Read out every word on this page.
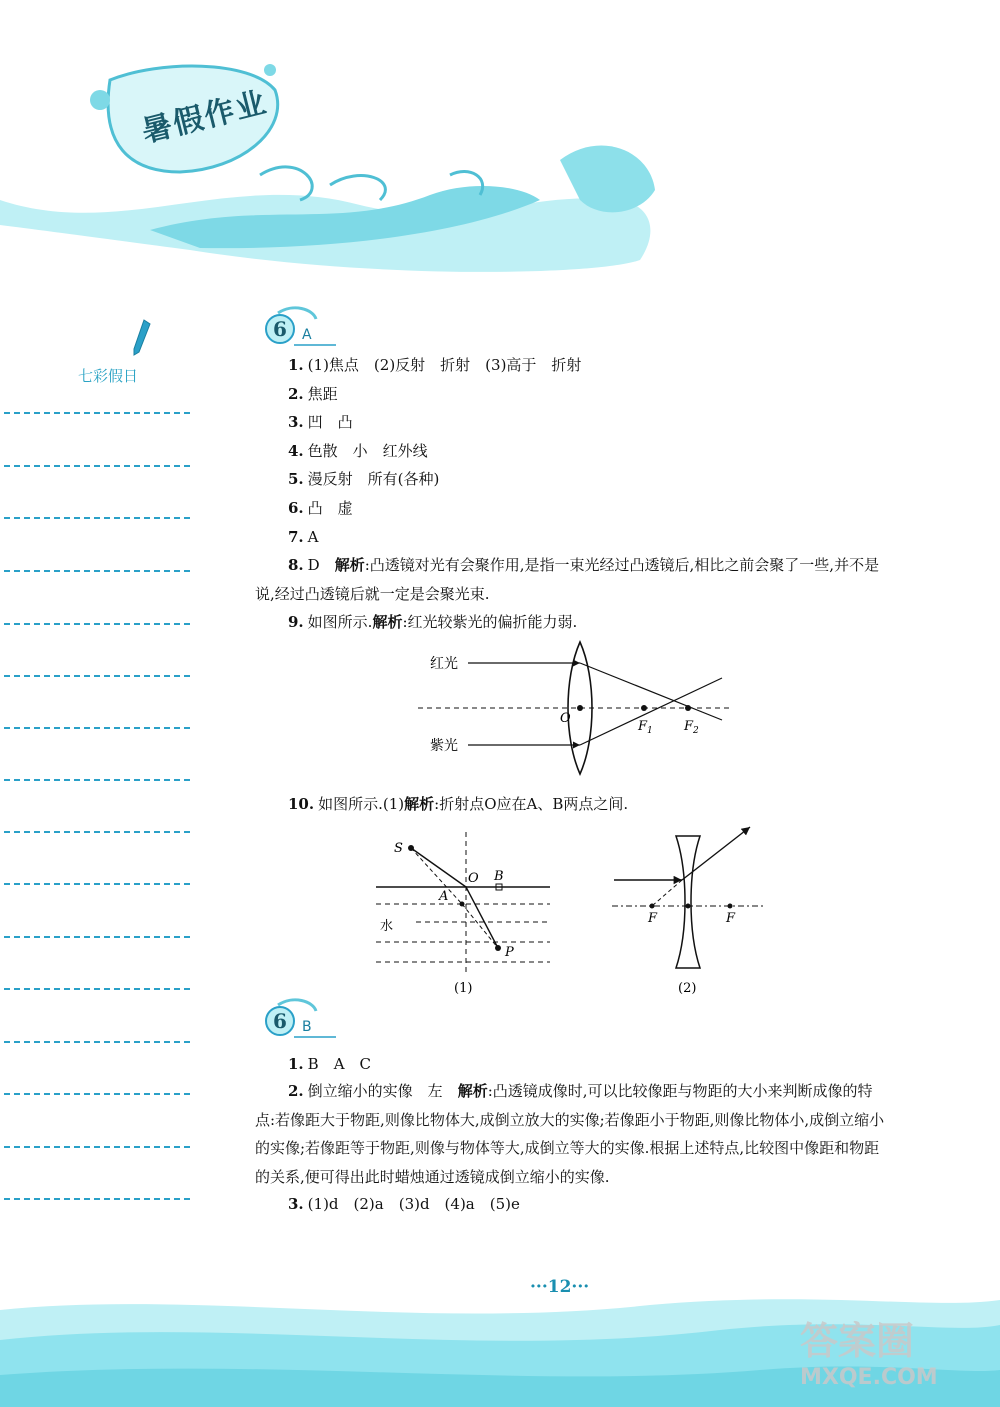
暑假作业
七彩假日
6 A
1. (1)焦点　(2)反射　折射　(3)高于　折射
2. 焦距
3. 凹　凸
4. 色散　小　红外线
5. 漫反射　所有(各种)
6. 凸　虚
7. A
8. D　解析:凸透镜对光有会聚作用,是指一束光经过凸透镜后,相比之前会聚了一些,并不是说,经过凸透镜后就一定是会聚光束.
9. 如图所示.解析:红光较紫光的偏折能力弱.
红光
紫光
O
$F_1$ $F_2$
10. 如图所示.(1)解析:折射点O应在A、B两点之间.
S
O B
A
水
P
(1)
F	F
(2)
6 B
1. B　A　C
2. 倒立缩小的实像　左　解析:凸透镜成像时,可以比较像距与物距的大小来判断成像的特点:若像距大于物距,则像比物体大,成倒立放大的实像;若像距小于物距,则像比物体小,成倒立缩小的实像;若像距等于物距,则像与物体等大,成倒立等大的实像.根据上述特点,比较图中像距和物距的关系,便可得出此时蜡烛通过透镜成倒立缩小的实像.
3. (1)d　(2)a　(3)d　(4)a　(5)e
···12···
答案圈
MXQE.COM
